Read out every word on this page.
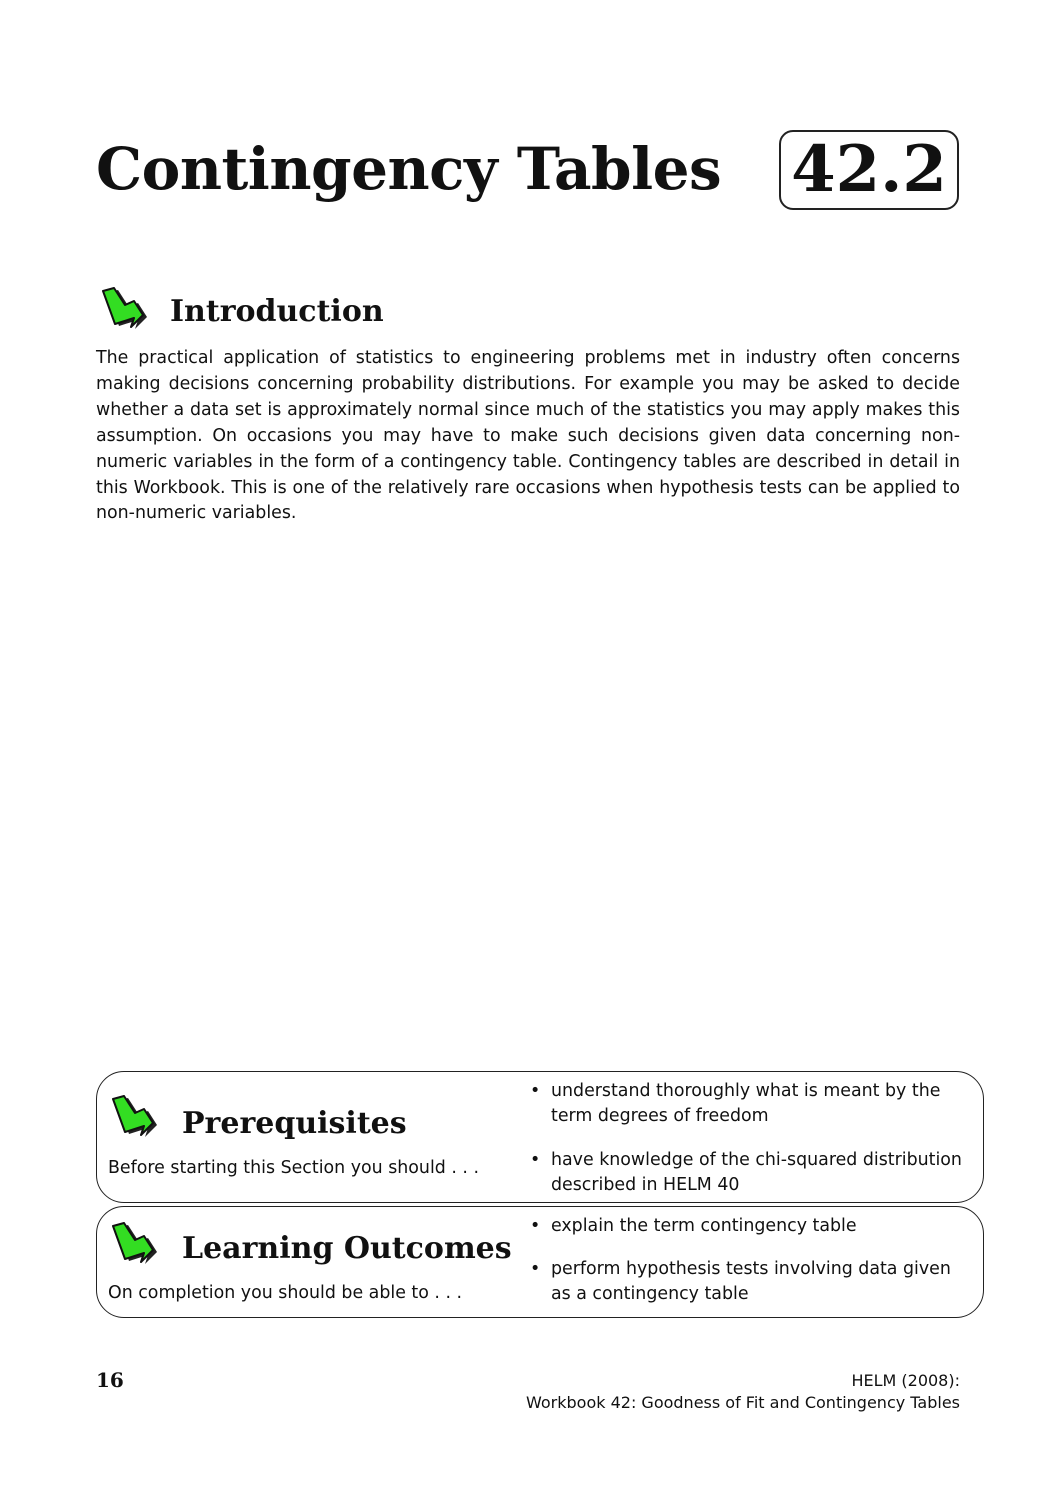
Contingency Tables 42.2
Introduction

The practical application of statistics to engineering problems met in industry often concerns making decisions concerning probability distributions. For example you may be asked to decide whether a data set is approximately normal since much of the statistics you may apply makes this assumption. On occasions you may have to make such decisions given data concerning non-numeric variables in the form of a contingency table. Contingency tables are described in detail in this Workbook. This is one of the relatively rare occasions when hypothesis tests can be applied to non-numeric variables.

Prerequisites

Before starting this Section you should . . .

• understand thoroughly what is meant by the term degrees of freedom
• have knowledge of the chi-squared distribution described in HELM 40
Learning Outcomes

On completion you should be able to . . .

• explain the term contingency table
• perform hypothesis tests involving data given as a contingency table

16	HELM (2008):
Workbook 42: Goodness of Fit and Contingency Tables
